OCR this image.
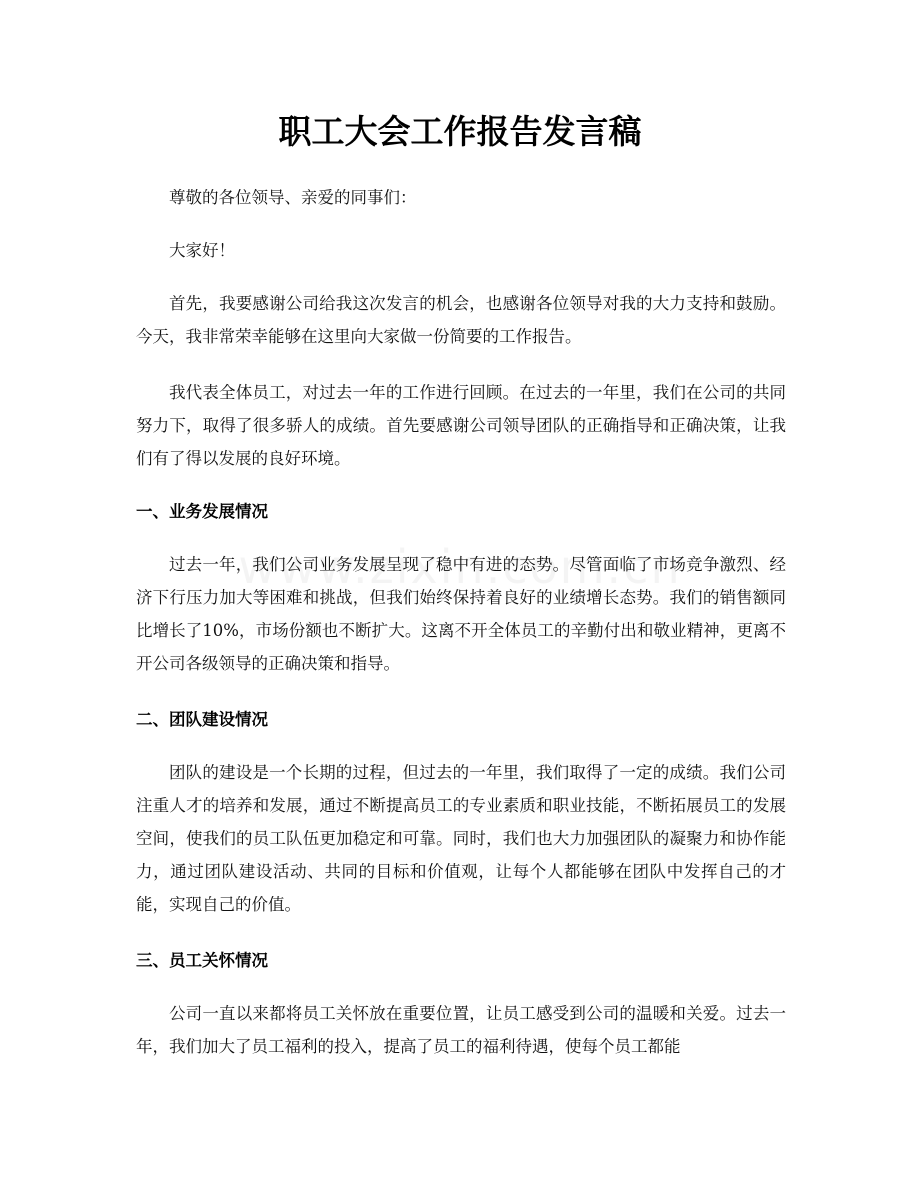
职工大会工作报告发言稿

尊敬的各位领导、亲爱的同事们：

大家好！

首先，我要感谢公司给我这次发言的机会，也感谢各位领导对我的大力支持和鼓励。今天，我非常荣幸能够在这里向大家做一份简要的工作报告。

我代表全体员工，对过去一年的工作进行回顾。在过去的一年里，我们在公司的共同努力下，取得了很多骄人的成绩。首先要感谢公司领导团队的正确指导和正确决策，让我们有了得以发展的良好环境。

一、业务发展情况

过去一年，我们公司业务发展呈现了稳中有进的态势。尽管面临了市场竞争激烈、经济下行压力加大等困难和挑战，但我们始终保持着良好的业绩增长态势。我们的销售额同比增长了10%，市场份额也不断扩大。这离不开全体员工的辛勤付出和敬业精神，更离不开公司各级领导的正确决策和指导。

二、团队建设情况

团队的建设是一个长期的过程，但过去的一年里，我们取得了一定的成绩。我们公司注重人才的培养和发展，通过不断提高员工的专业素质和职业技能，不断拓展员工的发展空间，使我们的员工队伍更加稳定和可靠。同时，我们也大力加强团队的凝聚力和协作能力，通过团队建设活动、共同的目标和价值观，让每个人都能够在团队中发挥自己的才能，实现自己的价值。

三、员工关怀情况

公司一直以来都将员工关怀放在重要位置，让员工感受到公司的温暖和关爱。过去一年，我们加大了员工福利的投入，提高了员工的福利待遇，使每个员工都能
